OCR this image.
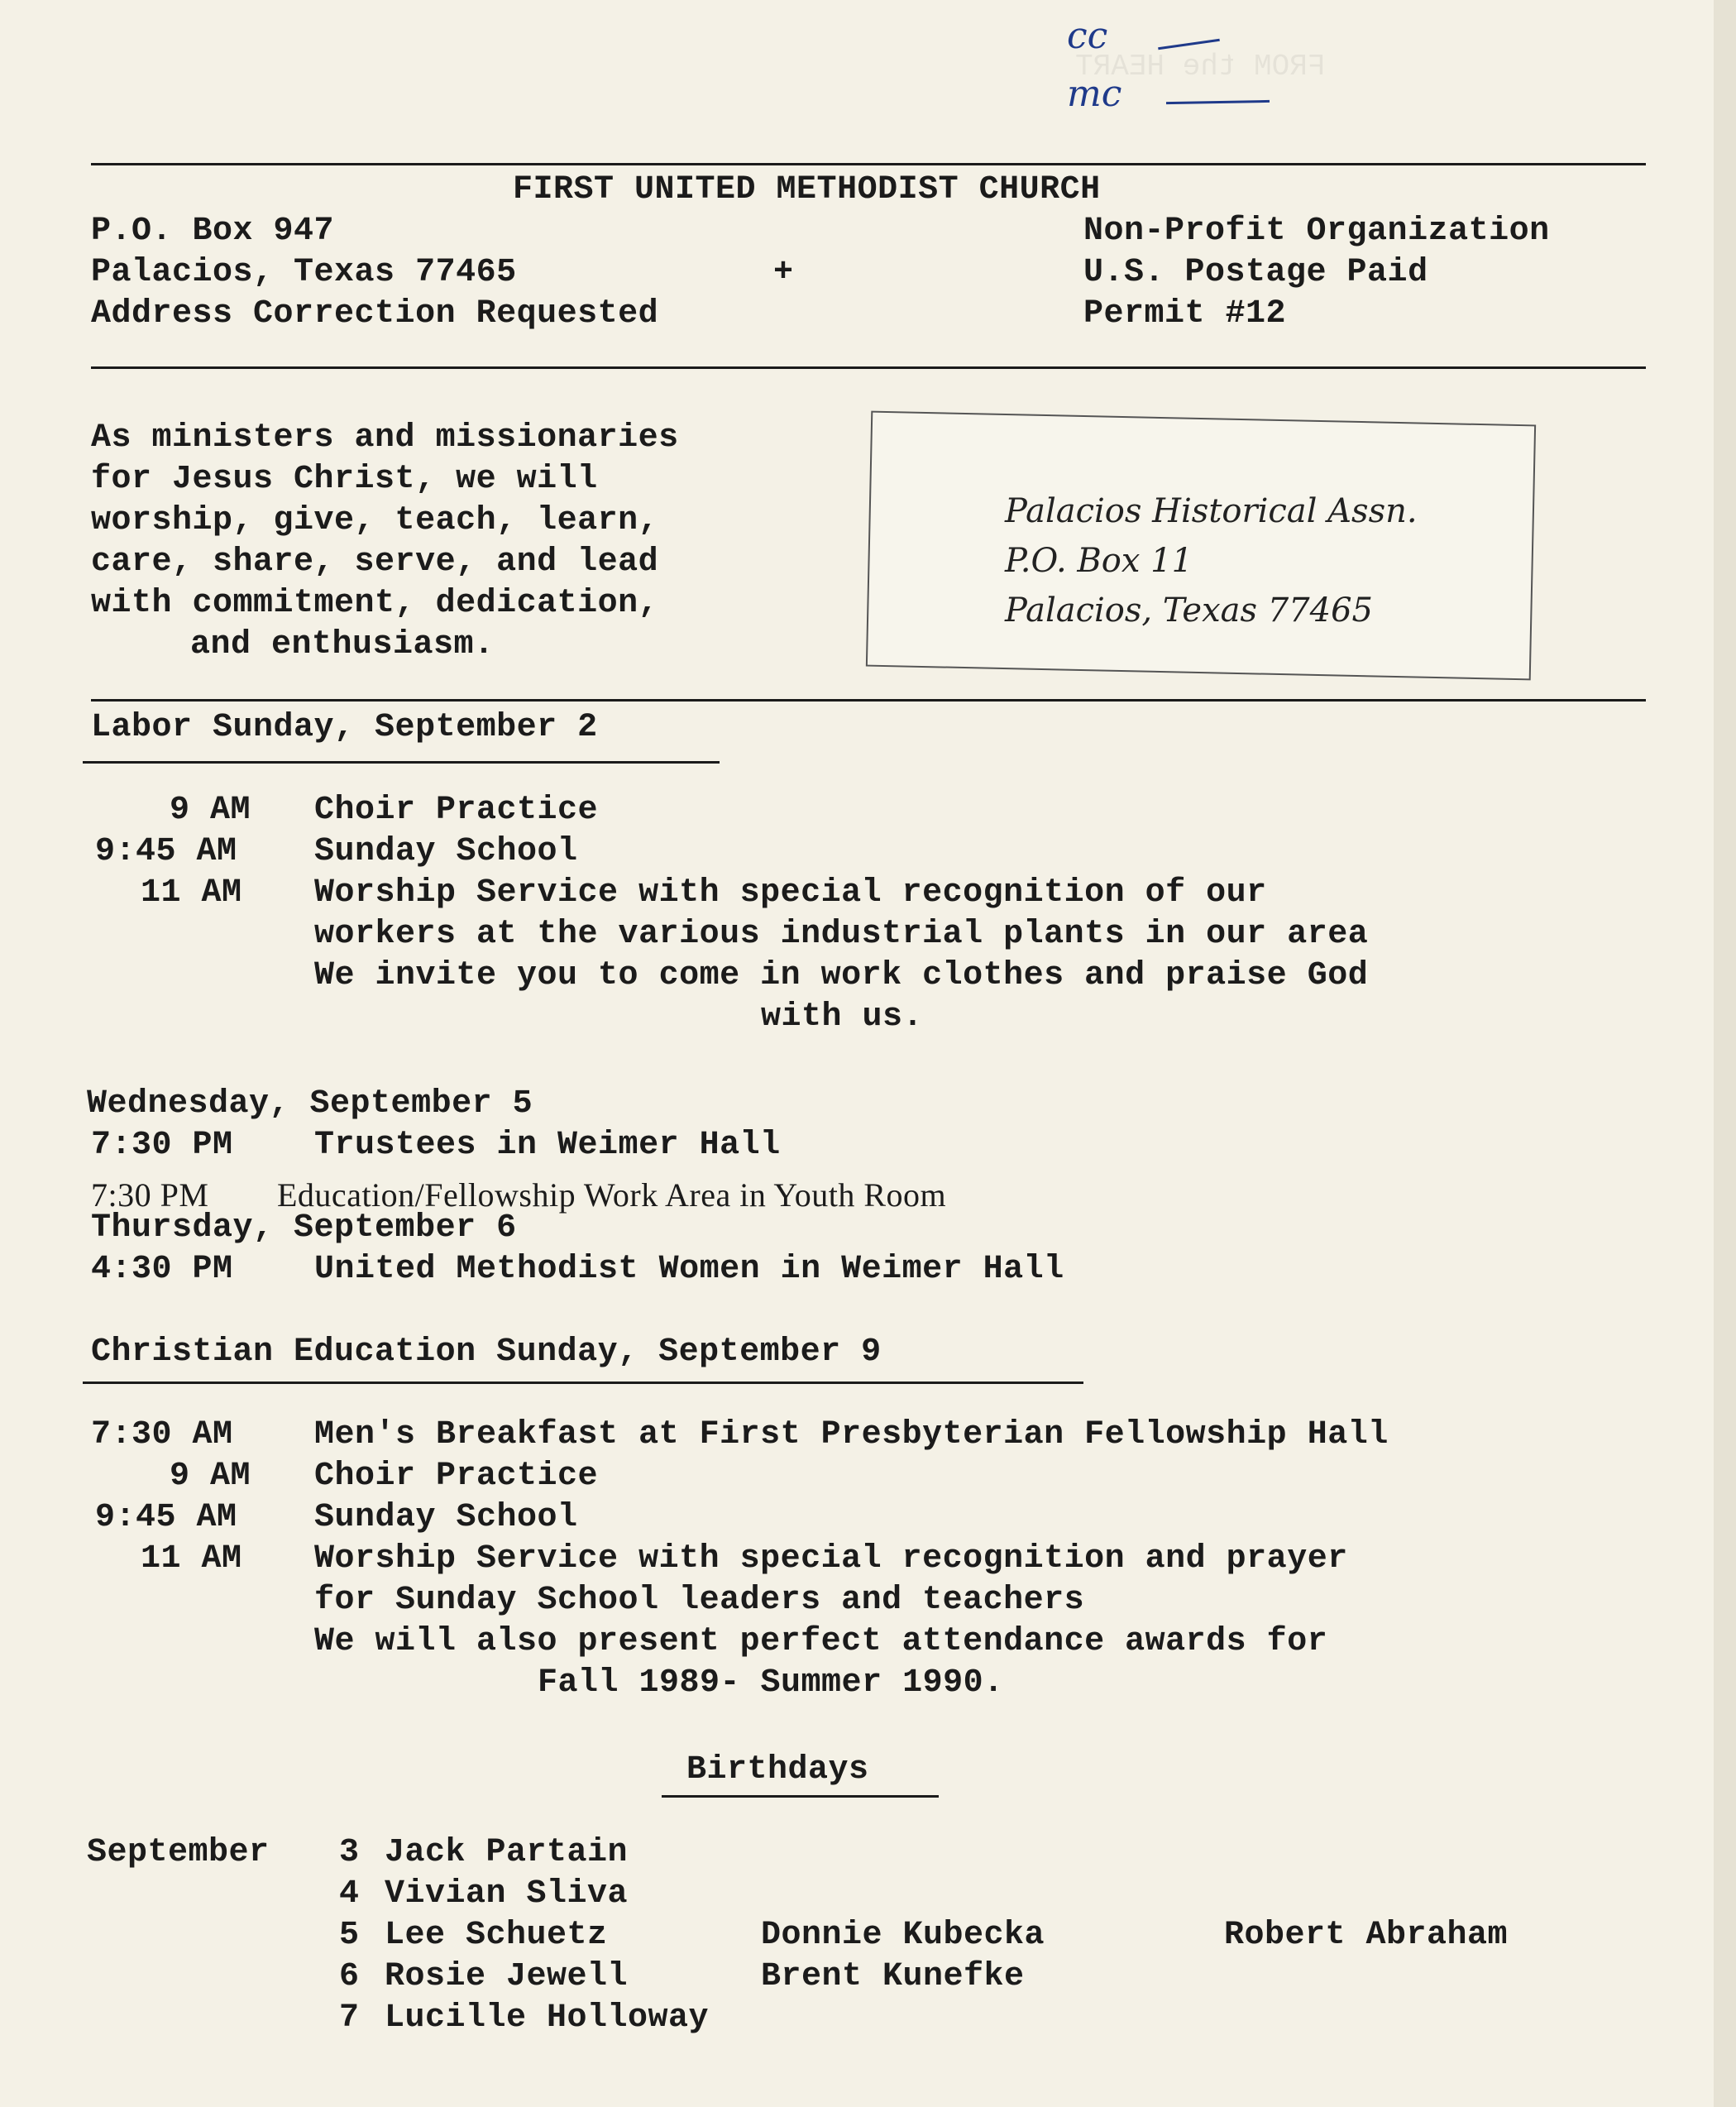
FROM the HEART
cc
mc
FIRST UNITED METHODIST CHURCH
P.O. Box 947
Palacios, Texas 77465
Address Correction Requested
+
Non-Profit Organization
U.S. Postage Paid
Permit #12
As ministers and missionaries
for Jesus Christ, we will
worship, give, teach, learn,
care, share, serve, and lead
with commitment, dedication,
and enthusiasm.
Palacios Historical Assn.
P.O. Box 11
Palacios, Texas 77465
Labor Sunday, September 2
9 AM Choir Practice
9:45 AM Sunday School
11 AM Worship Service with special recognition of our
workers at the various industrial plants in our area
We invite you to come in work clothes and praise God
with us.
Wednesday, September 5
7:30 PM Trustees in Weimer Hall
7:30 PM Education/Fellowship Work Area in Youth Room
Thursday, September 6
4:30 PM United Methodist Women in Weimer Hall
Christian Education Sunday, September 9
7:30 AM Men's Breakfast at First Presbyterian Fellowship Hall
9 AM Choir Practice
9:45 AM Sunday School
11 AM Worship Service with special recognition and prayer
for Sunday School leaders and teachers
We will also present perfect attendance awards for
Fall 1989- Summer 1990.
Birthdays
September 3 Jack Partain
4 Vivian Sliva
5 Lee Schuetz	Donnie Kubecka	Robert Abraham
6 Rosie Jewell	Brent Kunefke
7 Lucille Holloway
